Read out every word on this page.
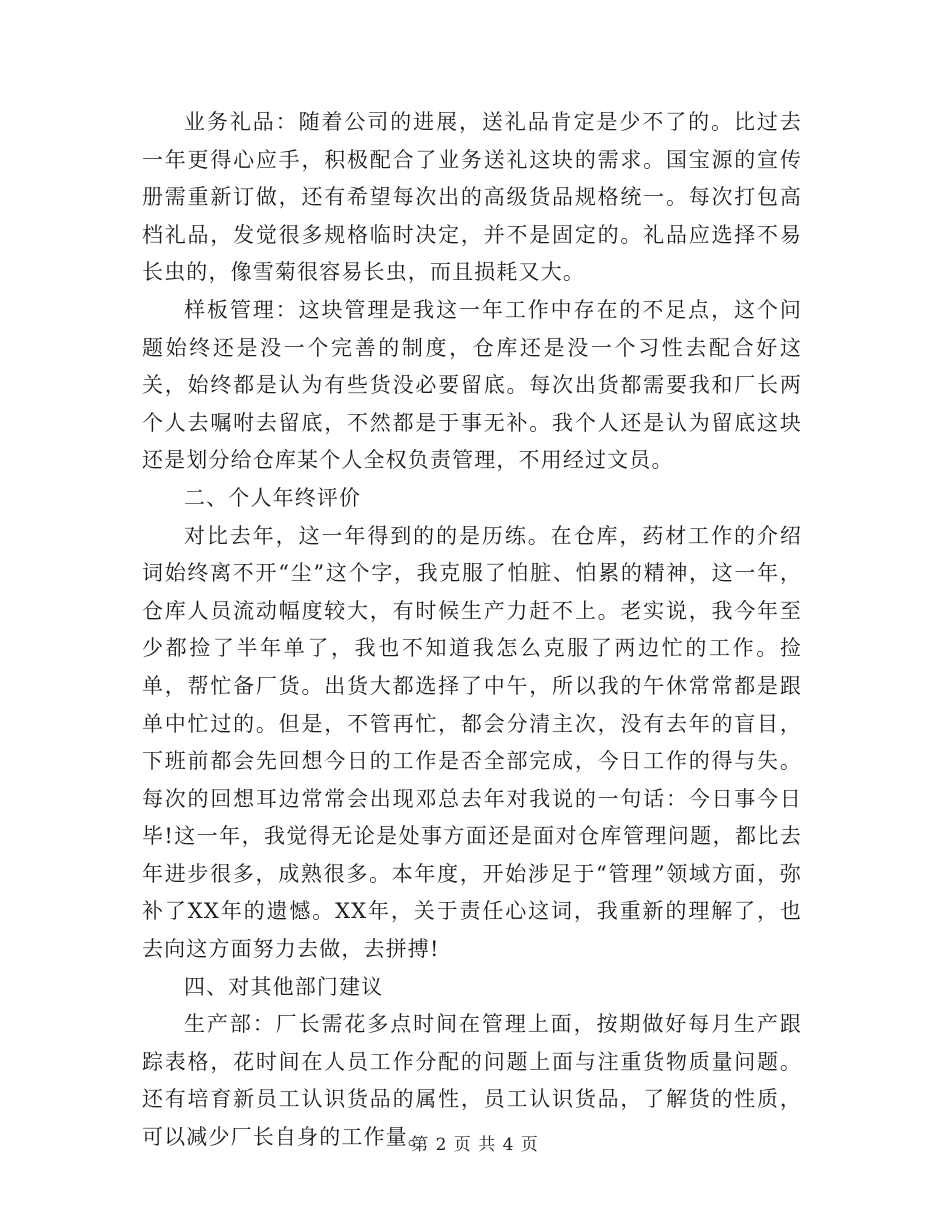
业务礼品：随着公司的进展，送礼品肯定是少不了的。比过去一年更得心应手，积极配合了业务送礼这块的需求。国宝源的宣传册需重新订做，还有希望每次出的高级货品规格统一。每次打包高档礼品，发觉很多规格临时决定，并不是固定的。礼品应选择不易长虫的，像雪菊很容易长虫，而且损耗又大。

样板管理：这块管理是我这一年工作中存在的不足点，这个问题始终还是没一个完善的制度，仓库还是没一个习性去配合好这关，始终都是认为有些货没必要留底。每次出货都需要我和厂长两个人去嘱咐去留底，不然都是于事无补。我个人还是认为留底这块还是划分给仓库某个人全权负责管理，不用经过文员。

二、个人年终评价

对比去年，这一年得到的的是历练。在仓库，药材工作的介绍词始终离不开“尘”这个字，我克服了怕脏、怕累的精神，这一年，仓库人员流动幅度较大，有时候生产力赶不上。老实说，我今年至少都捡了半年单了，我也不知道我怎么克服了两边忙的工作。捡单，帮忙备厂货。出货大都选择了中午，所以我的午休常常都是跟单中忙过的。但是，不管再忙，都会分清主次，没有去年的盲目，下班前都会先回想今日的工作是否全部完成，今日工作的得与失。每次的回想耳边常常会出现邓总去年对我说的一句话：今日事今日毕!这一年，我觉得无论是处事方面还是面对仓库管理问题，都比去年进步很多，成熟很多。本年度，开始涉足于“管理”领域方面，弥补了XX年的遗憾。XX年，关于责任心这词，我重新的理解了，也去向这方面努力去做，去拼搏!

四、对其他部门建议

生产部：厂长需花多点时间在管理上面，按期做好每月生产跟踪表格，花时间在人员工作分配的问题上面与注重货物质量问题。还有培育新员工认识货品的属性，员工认识货品，了解货的性质，可以减少厂长自身的工作量。

第 2 页 共 4 页
